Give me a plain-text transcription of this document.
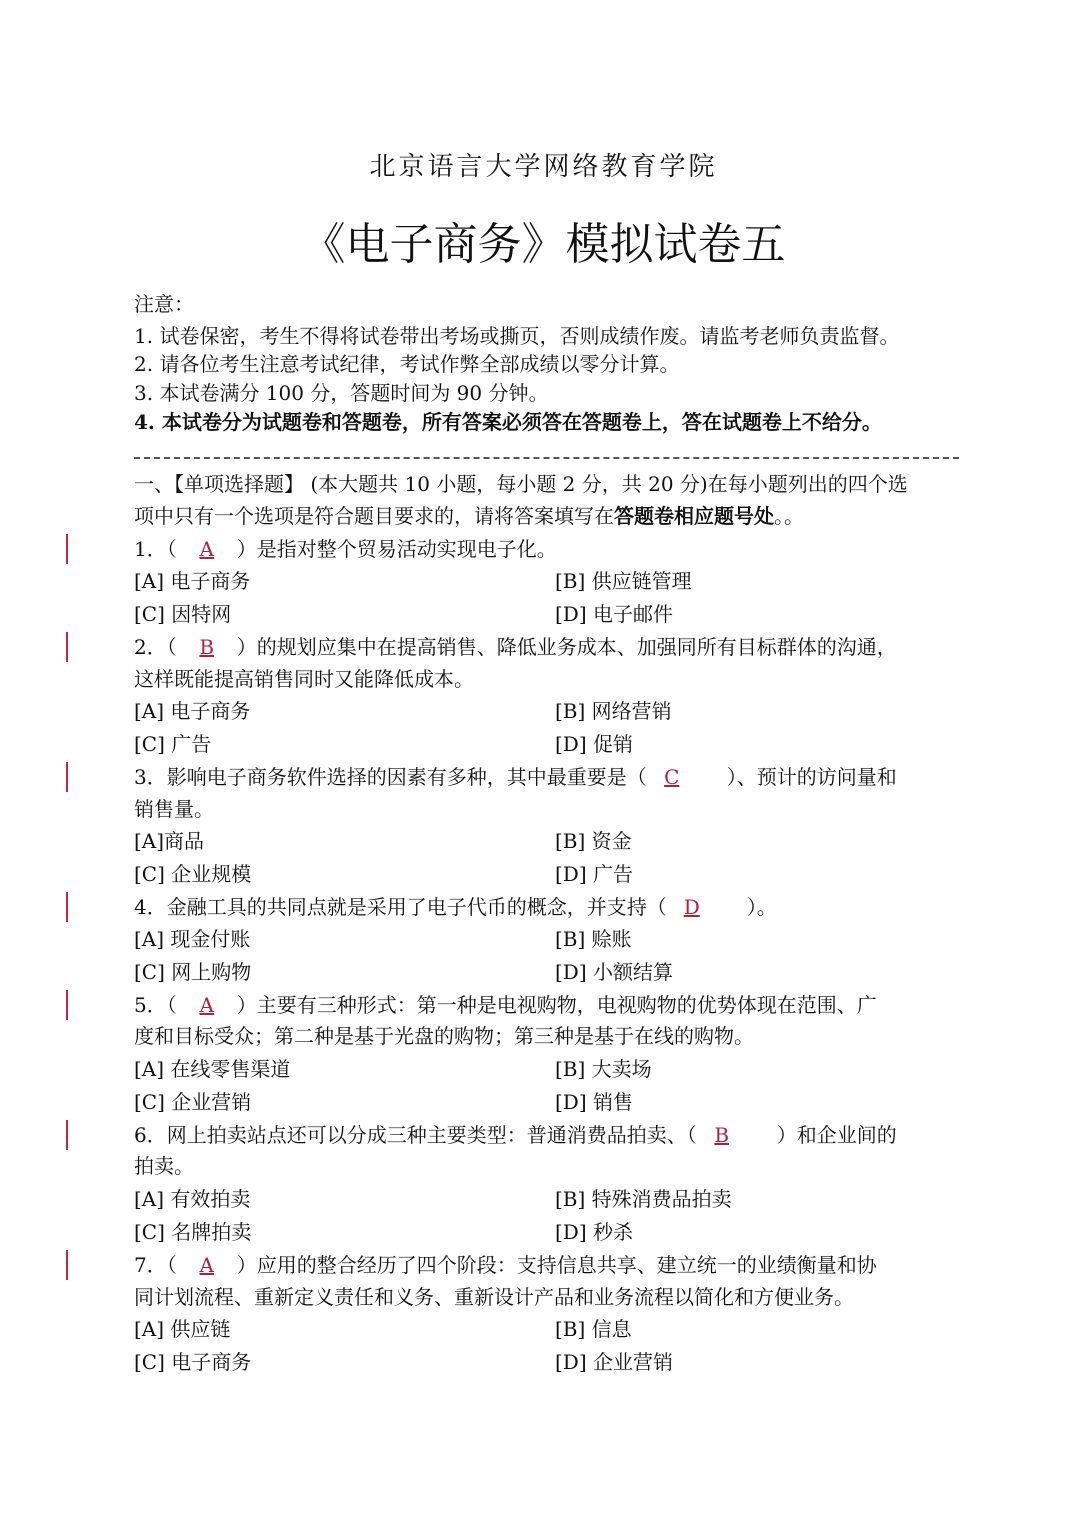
北京语言大学网络教育学院
《电子商务》模拟试卷五
注意：
1. 试卷保密，考生不得将试卷带出考场或撕页，否则成绩作废。请监考老师负责监督。
2. 请各位考生注意考试纪律，考试作弊全部成绩以零分计算。
3. 本试卷满分 100 分，答题时间为 90 分钟。
4. 本试卷分为试题卷和答题卷，所有答案必须答在答题卷上，答在试题卷上不给分。
一、【单项选择题】 (本大题共 10 小题，每小题 2 分，共 20 分)在每小题列出的四个选
项中只有一个选项是符合题目要求的，请将答案填写在答题卷相应题号处。。
1．（ A ）是指对整个贸易活动实现电子化。
[A] 电子商务	[B] 供应链管理
[C] 因特网	[D] 电子邮件
2．（ B ）的规划应集中在提高销售、降低业务成本、加强同所有目标群体的沟通，
这样既能提高销售同时又能降低成本。
[A] 电子商务	[B] 网络营销
[C] 广告	[D] 促销
3．影响电子商务软件选择的因素有多种，其中最重要是（ C ）、预计的访问量和
销售量。
[A]商品	[B] 资金
[C] 企业规模	[D] 广告
4．金融工具的共同点就是采用了电子代币的概念，并支持（ D ）。
[A] 现金付账	[B] 赊账
[C] 网上购物	[D] 小额结算
5．（ A ）主要有三种形式：第一种是电视购物，电视购物的优势体现在范围、广
度和目标受众；第二种是基于光盘的购物；第三种是基于在线的购物。
[A] 在线零售渠道	[B] 大卖场
[C] 企业营销	[D] 销售
6．网上拍卖站点还可以分成三种主要类型：普通消费品拍卖、（ B ）和企业间的
拍卖。
[A] 有效拍卖	[B] 特殊消费品拍卖
[C] 名牌拍卖	[D] 秒杀
7．（ A ）应用的整合经历了四个阶段：支持信息共享、建立统一的业绩衡量和协
同计划流程、重新定义责任和义务、重新设计产品和业务流程以简化和方便业务。
[A] 供应链	[B] 信息
[C] 电子商务	[D] 企业营销
